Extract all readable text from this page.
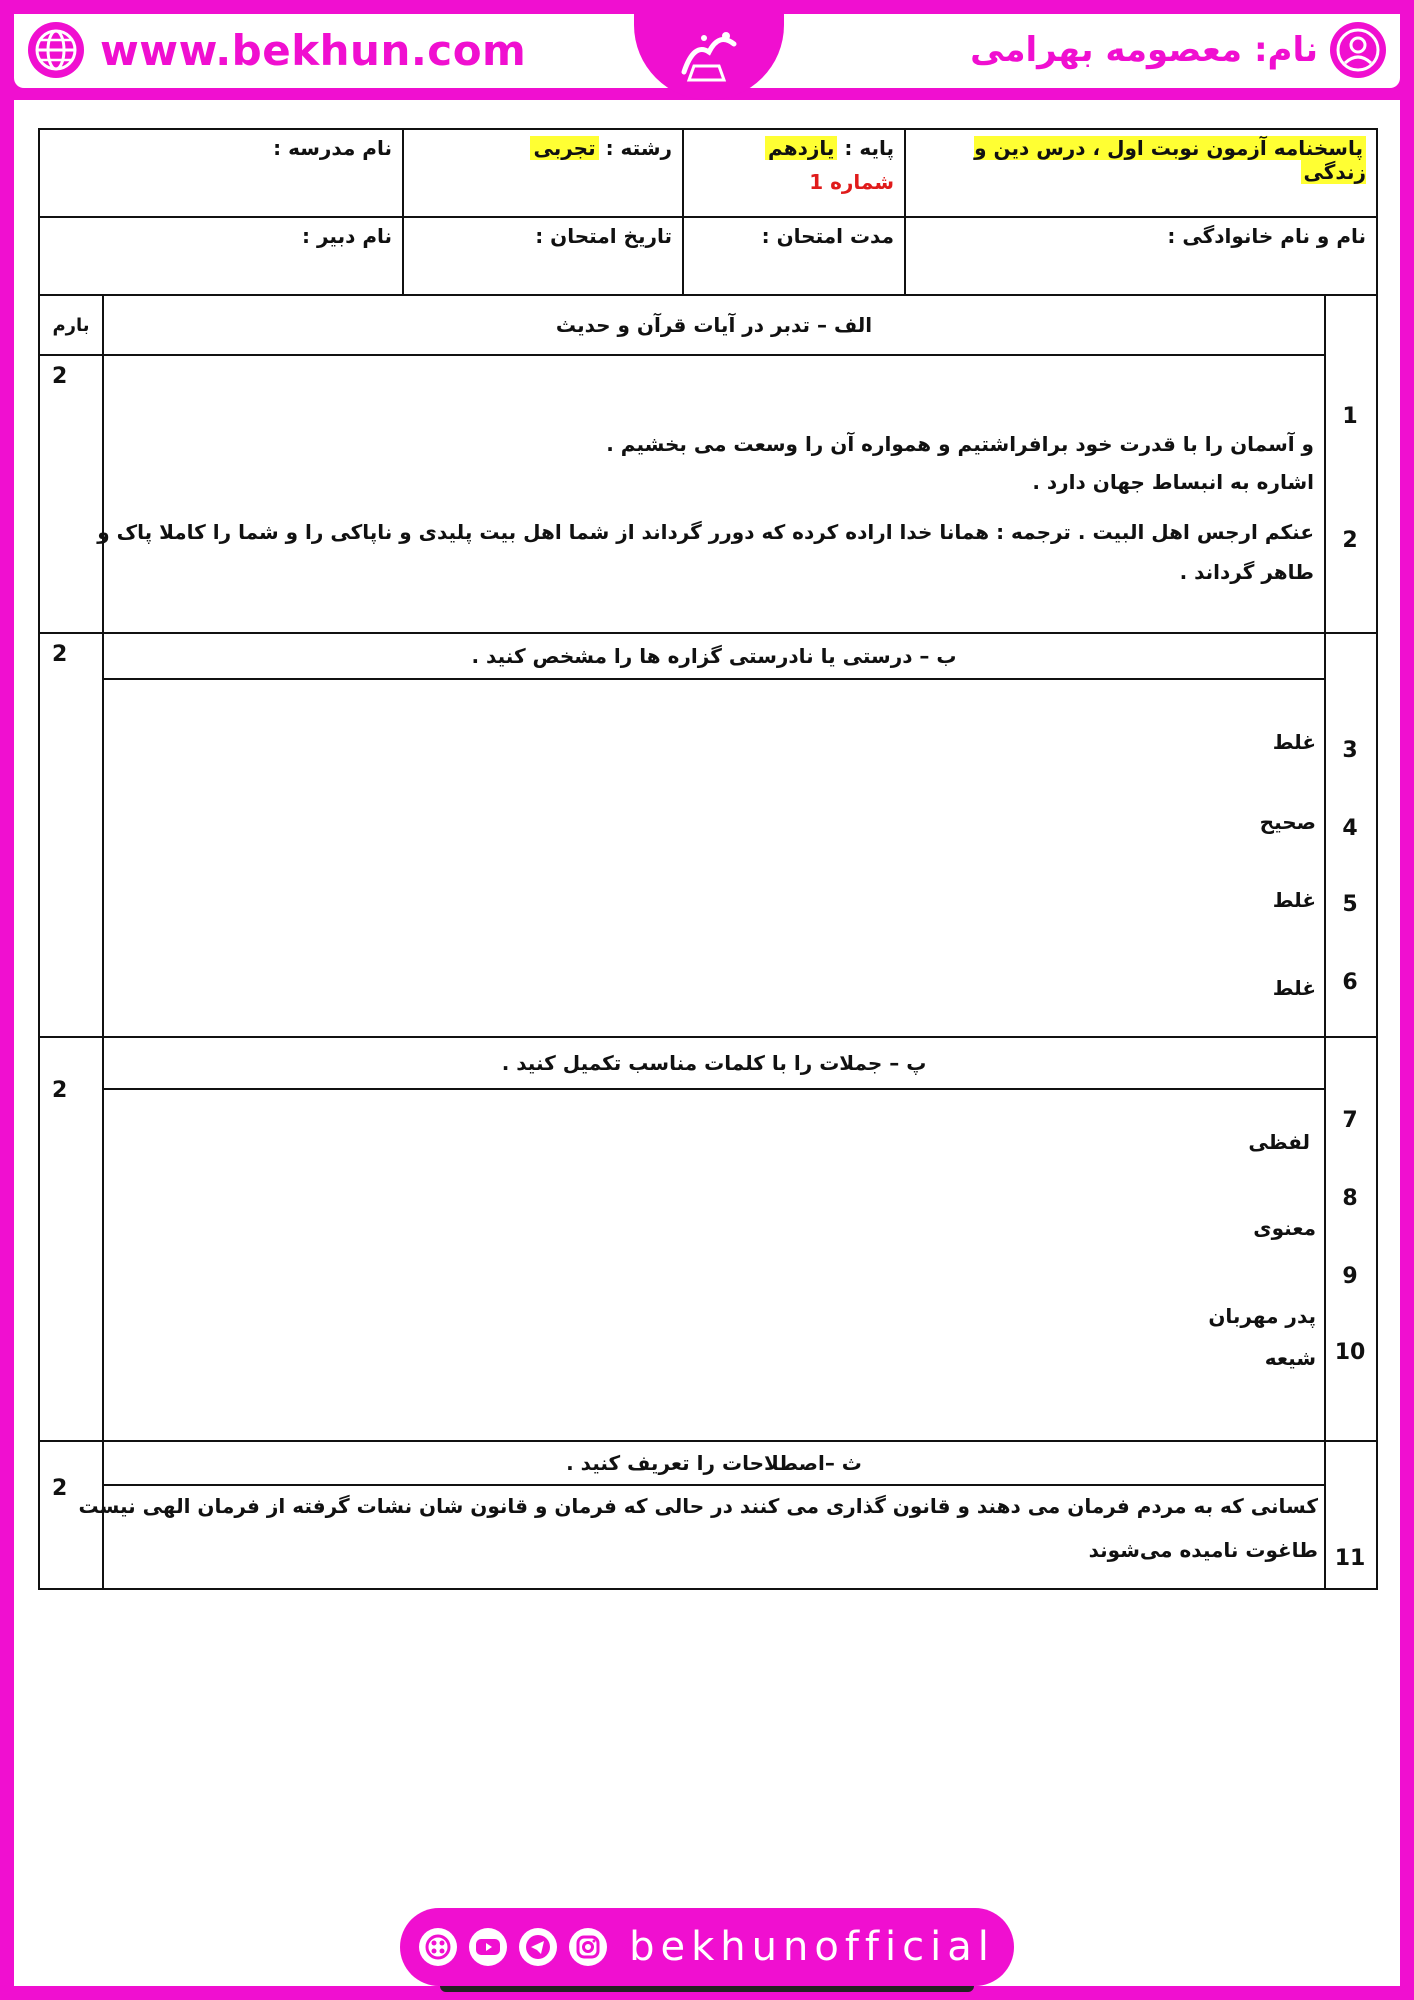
www.bekhun.com	نام: معصومه بهرامی
پاسخنامه آزمون نوبت اول ، درس دین و زندگی
پایه : یازدهم
شماره 1
رشته : تجربی
نام مدرسه :
نام و نام خانوادگی :
مدت امتحان :
تاریخ امتحان :
نام دبیر :
1
2
الف – تدبر در آیات قرآن و حدیث
و آسمان را با قدرت خود برافراشتیم و همواره آن را وسعت می بخشیم .
اشاره به انبساط جهان دارد .
عنکم ارجس اهل البیت . ترجمه : همانا خدا اراده کرده که دورر گرداند از شما اهل بیت پلیدی و ناپاکی را و شما را کاملا پاک و
طاهر گرداند .
بارم
2
3
4
5
6
ب – درستی یا نادرستی گزاره ها را مشخص کنید .
غلط
صحیح
غلط
غلط
2
7
8
9
10
پ – جملات را با کلمات مناسب تکمیل کنید .
لفظی
معنوی
پدر مهربان
شیعه
2
11
ث –اصطلاحات را تعریف کنید .
کسانی که به مردم فرمان می دهند و قانون گذاری می کنند در حالی که فرمان و قانون شان نشات گرفته از فرمان الهی نیست
طاغوت نامیده می‌شوند
2
bekhunofficial
